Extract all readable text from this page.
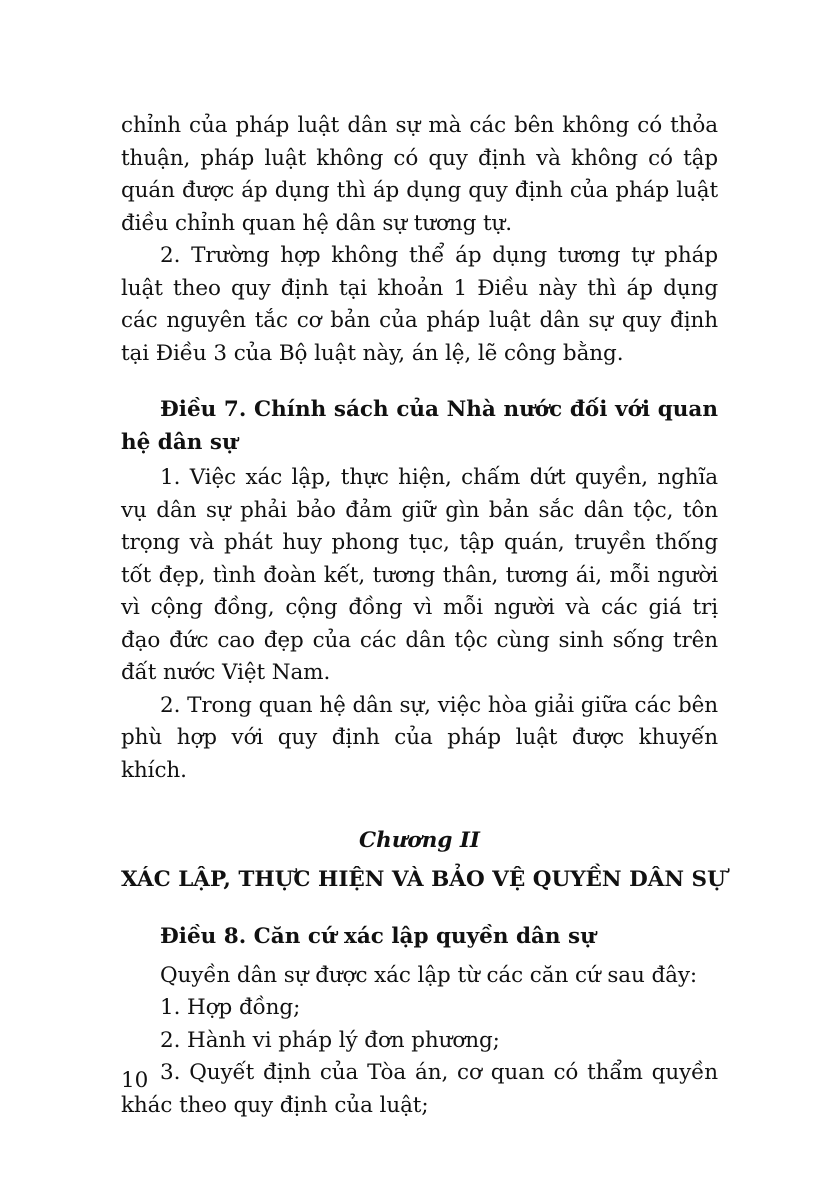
chỉnh của pháp luật dân sự mà các bên không có thỏa thuận, pháp luật không có quy định và không có tập quán được áp dụng thì áp dụng quy định của pháp luật điều chỉnh quan hệ dân sự tương tự.

2. Trường hợp không thể áp dụng tương tự pháp luật theo quy định tại khoản 1 Điều này thì áp dụng các nguyên tắc cơ bản của pháp luật dân sự quy định tại Điều 3 của Bộ luật này, án lệ, lẽ công bằng.

Điều 7. Chính sách của Nhà nước đối với quan hệ dân sự

1. Việc xác lập, thực hiện, chấm dứt quyền, nghĩa vụ dân sự phải bảo đảm giữ gìn bản sắc dân tộc, tôn trọng và phát huy phong tục, tập quán, truyền thống tốt đẹp, tình đoàn kết, tương thân, tương ái, mỗi người vì cộng đồng, cộng đồng vì mỗi người và các giá trị đạo đức cao đẹp của các dân tộc cùng sinh sống trên đất nước Việt Nam.

2. Trong quan hệ dân sự, việc hòa giải giữa các bên phù hợp với quy định của pháp luật được khuyến khích.

Chương II
XÁC LẬP, THỰC HIỆN VÀ BẢO VỆ QUYỀN DÂN SỰ
Điều 8. Căn cứ xác lập quyền dân sự

Quyền dân sự được xác lập từ các căn cứ sau đây:

1. Hợp đồng;

2. Hành vi pháp lý đơn phương;

3. Quyết định của Tòa án, cơ quan có thẩm quyền khác theo quy định của luật;

10
